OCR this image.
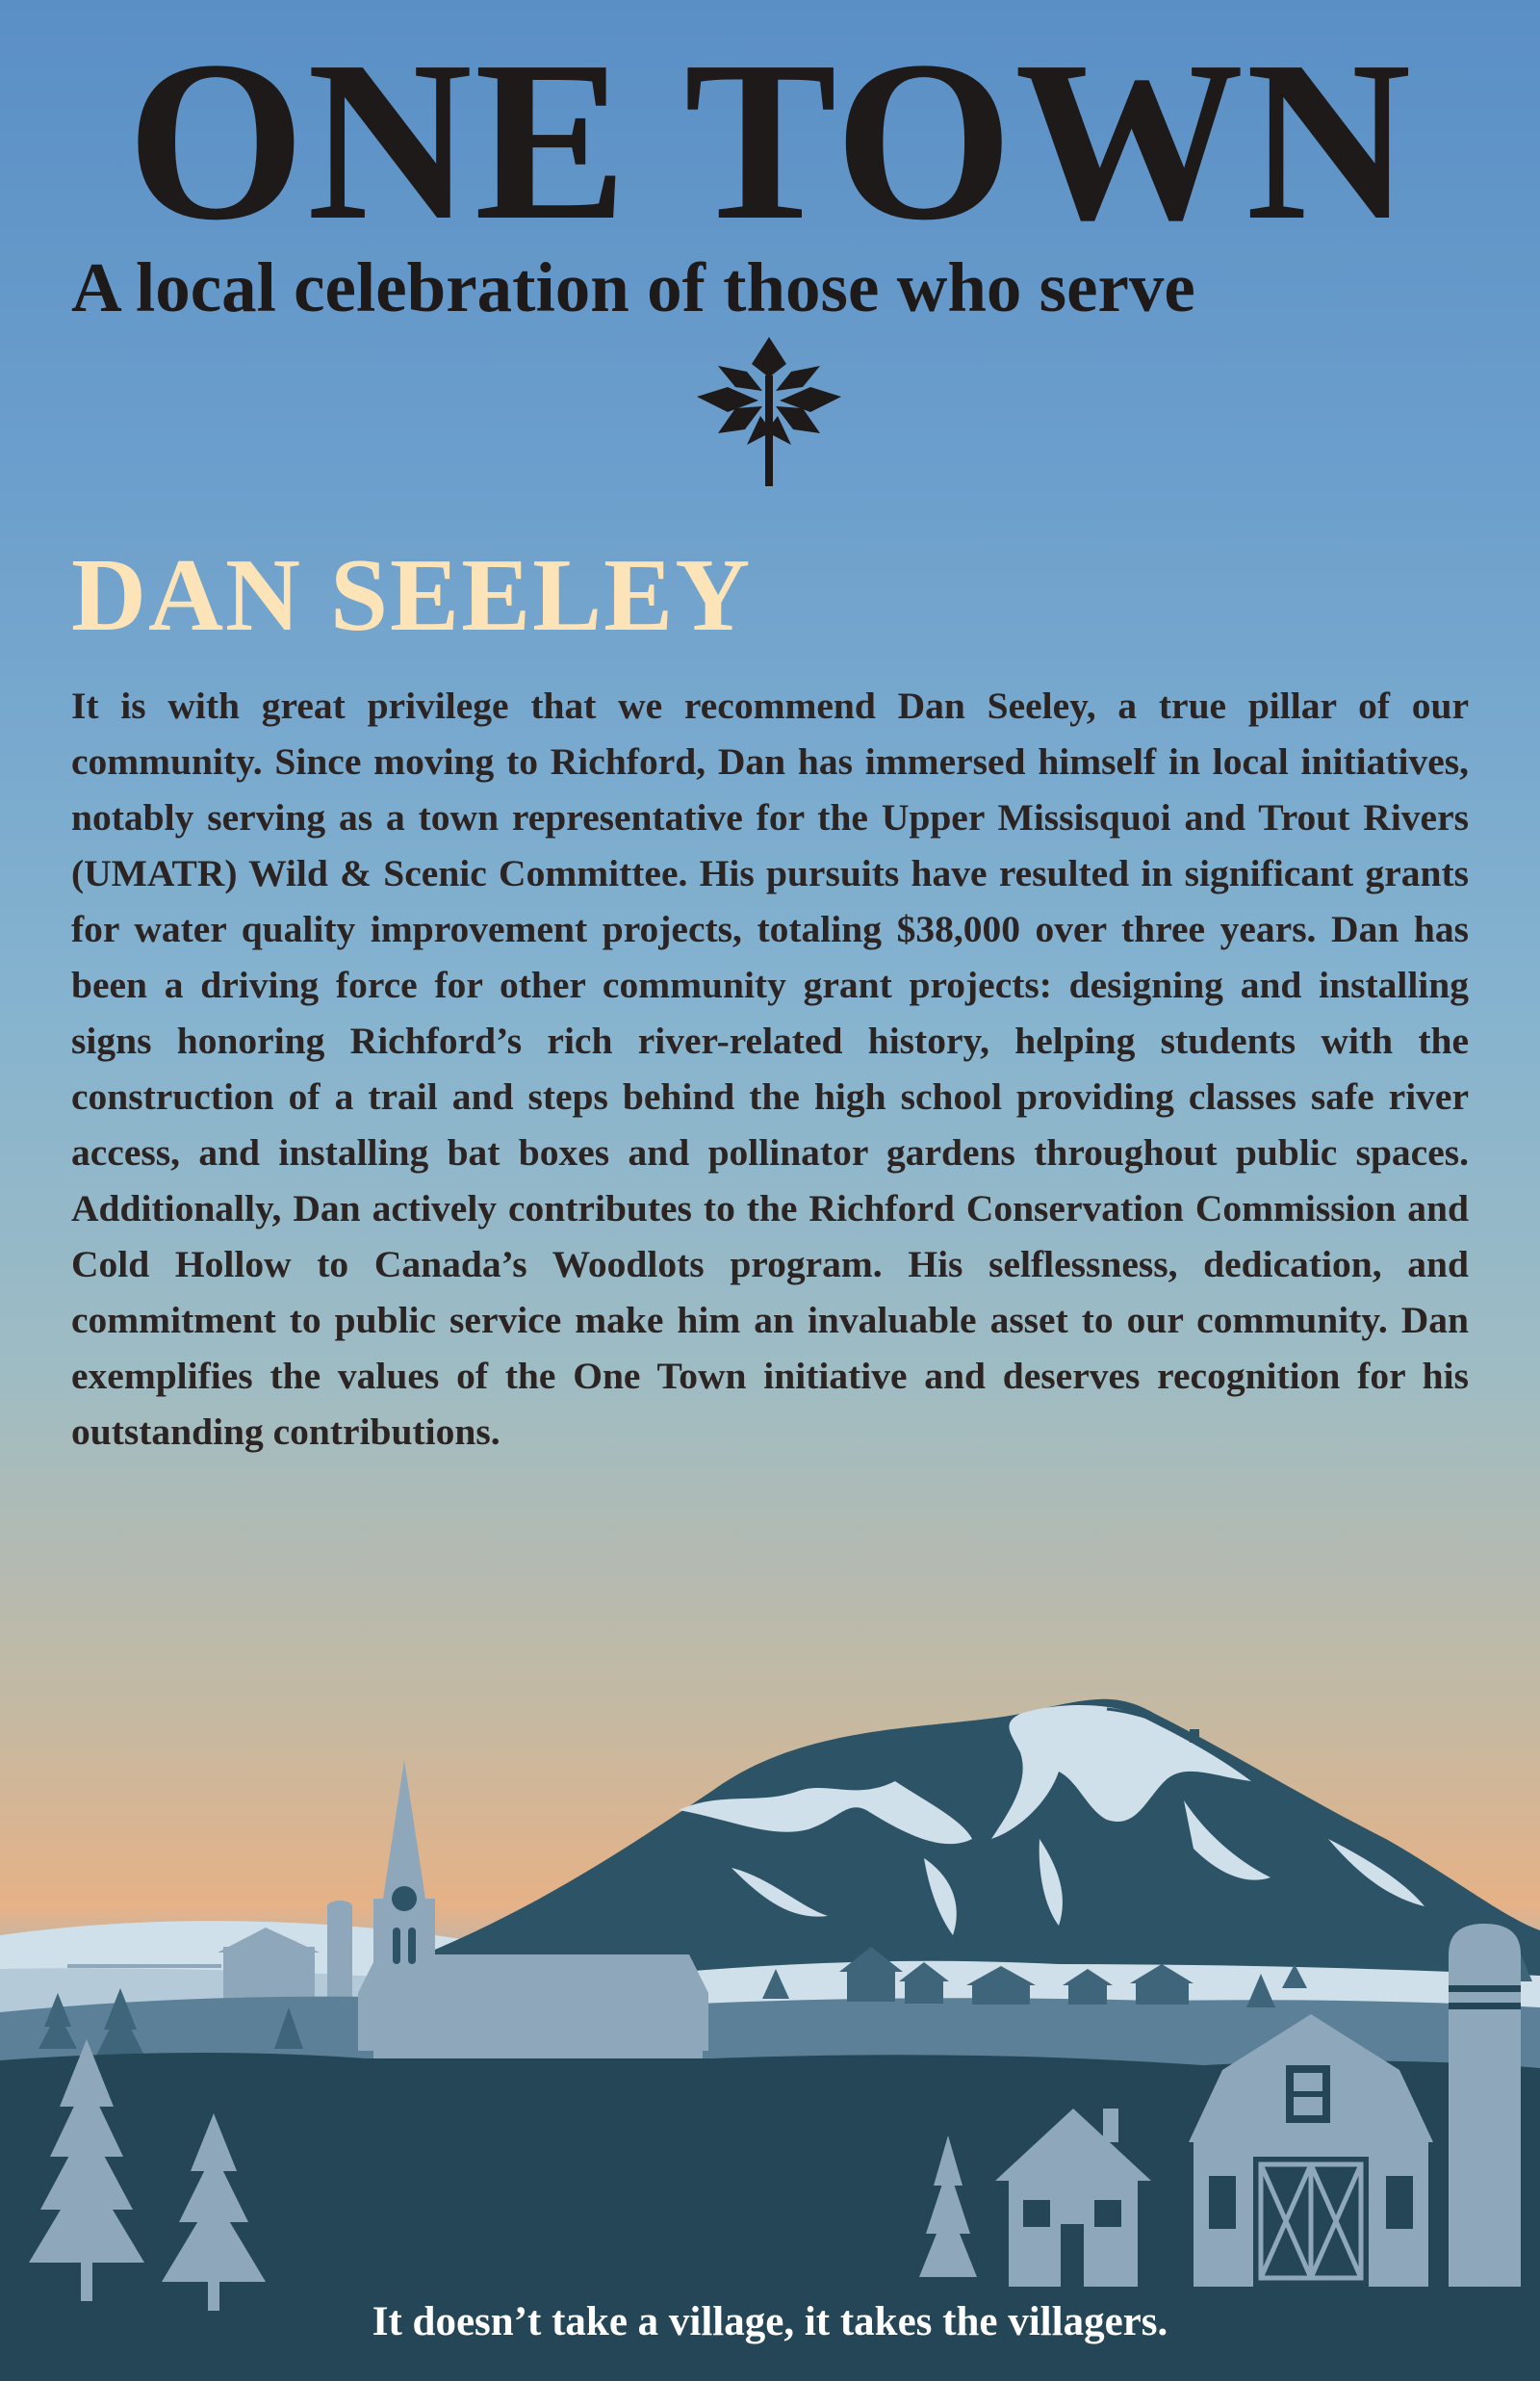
ONE TOWN
A local celebration of those who serve
DAN SEELEY

It is with great privilege that we recommend Dan Seeley, a true pillar of our community. Since moving to Richford, Dan has immersed himself in local initiatives, notably serving as a town representative for the Upper Missisquoi and Trout Rivers (UMATR) Wild & Scenic Committee. His pursuits have resulted in significant grants for water quality improvement projects, totaling $38,000 over three years. Dan has been a driving force for other community grant projects: designing and installing signs honoring Richford’s rich river-related history, helping students with the construction of a trail and steps behind the high school providing classes safe river access, and installing bat boxes and pollinator gardens throughout public spaces. Additionally, Dan actively contributes to the Richford Conservation Commission and Cold Hollow to Canada’s Woodlots program. His selflessness, dedication, and commitment to public service make him an invaluable asset to our community. Dan exemplifies the values of the One Town initiative and deserves recognition for his outstanding contributions.

It doesn’t take a village, it takes the villagers.
